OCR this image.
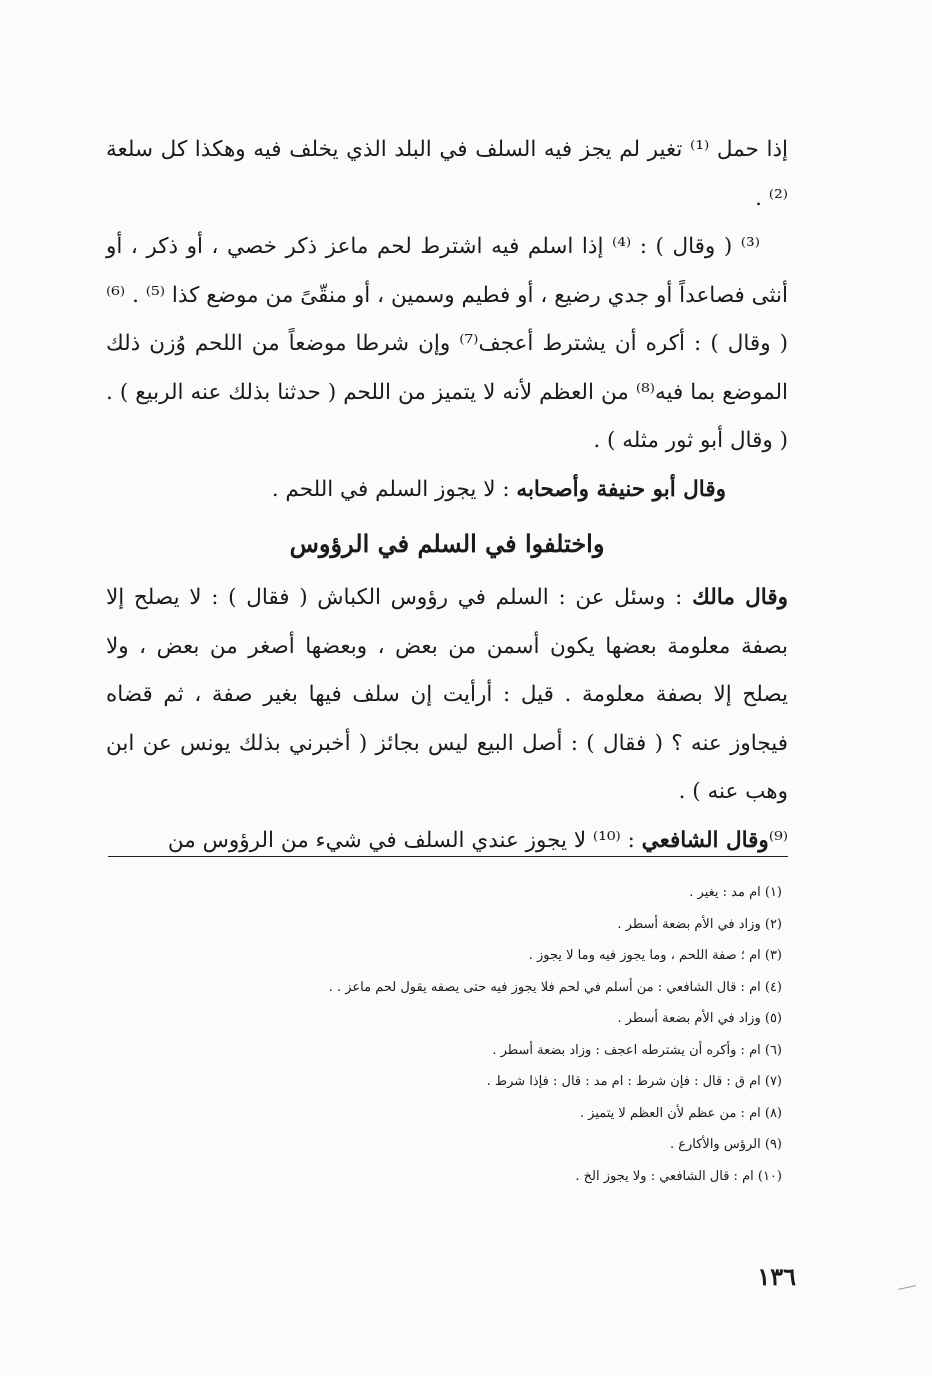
إذا حمل ⁽¹⁾ تغير لم يجز فيه السلف في البلد الذي يخلف فيه وهكذا كل سلعة ⁽²⁾ .

⁽³⁾ ( وقال ) : ⁽⁴⁾ إذا اسلم فيه اشترط لحم ماعز ذكر خصي ، أو ذكر ، أو أنثى فصاعداً أو جدي رضيع ، أو فطيم وسمين ، أو منقّىً من موضع كذا ⁽⁵⁾ . ⁽⁶⁾ ( وقال ) : أكره أن يشترط أعجف⁽⁷⁾ وإن شرطا موضعاً من اللحم وُزن ذلك الموضع بما فيه⁽⁸⁾ من العظم لأنه لا يتميز من اللحم ( حدثنا بذلك عنه الربيع ) . ( وقال أبو ثور مثله ) .

وقال أبو حنيفة وأصحابه : لا يجوز السلم في اللحم .

واختلفوا في السلم في الرؤوس

وقال مالك : وسئل عن : السلم في رؤوس الكباش ( فقال ) : لا يصلح إلا بصفة معلومة بعضها يكون أسمن من بعض ، وبعضها أصغر من بعض ، ولا يصلح إلا بصفة معلومة . قيل : أرأيت إن سلف فيها بغير صفة ، ثم قضاه فيجاوز عنه ؟ ( فقال ) : أصل البيع ليس بجائز ( أخبرني بذلك يونس عن ابن وهب عنه ) .

⁽⁹⁾وقال الشافعي : ⁽¹⁰⁾ لا يجوز عندي السلف في شيء من الرؤوس من

(١) ام مد : يغير .
(٢) وزاد في الأم بضعة أسطر .
(٣) ام ؛ صفة اللحم ، وما يجوز فيه وما لا يجوز .
(٤) ام : قال الشافعي : من أسلم في لحم فلا يجوز فيه حتى يصفه يقول لحم ماعز . .
(٥) وزاد في الأم بضعة أسطر .
(٦) ام : وأكره أن يشترطه اعجف : وزاد بضعة أسطر .
(٧) ام ق : قال : فإن شرط : ام مد : قال : فإذا شرط .
(٨) ام : من عظم لأن العظم لا يتميز .
(٩) الرؤس والأكارع .
(١٠) ام : قال الشافعي : ولا يجوز الخ .
١٣٦
